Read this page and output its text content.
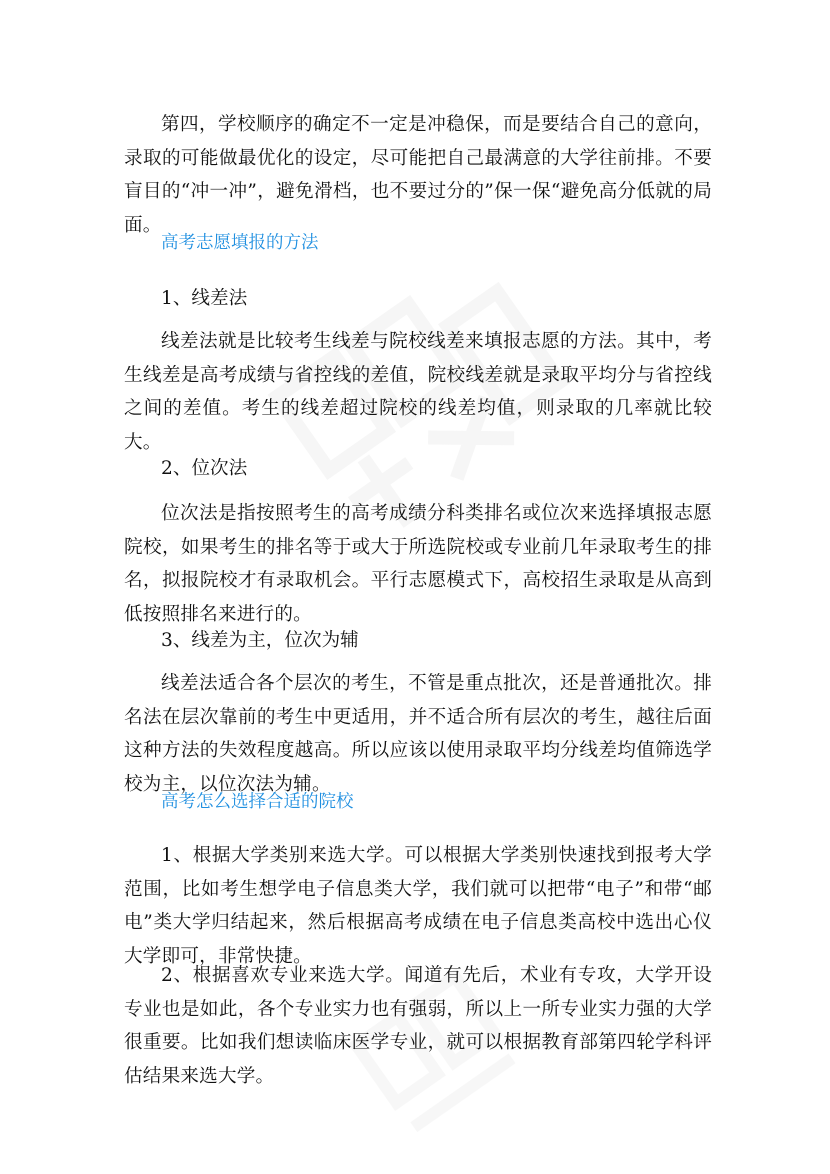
第四，学校顺序的确定不一定是冲稳保，而是要结合自己的意向，录取的可能做最优化的设定，尽可能把自己最满意的大学往前排。不要盲目的“冲一冲”，避免滑档，也不要过分的”保一保“避免高分低就的局面。

高考志愿填报的方法

1、线差法

线差法就是比较考生线差与院校线差来填报志愿的方法。其中，考生线差是高考成绩与省控线的差值，院校线差就是录取平均分与省控线之间的差值。考生的线差超过院校的线差均值，则录取的几率就比较大。

2、位次法

位次法是指按照考生的高考成绩分科类排名或位次来选择填报志愿院校，如果考生的排名等于或大于所选院校或专业前几年录取考生的排名，拟报院校才有录取机会。平行志愿模式下，高校招生录取是从高到低按照排名来进行的。

3、线差为主，位次为辅

线差法适合各个层次的考生，不管是重点批次，还是普通批次。排名法在层次靠前的考生中更适用，并不适合所有层次的考生，越往后面这种方法的失效程度越高。所以应该以使用录取平均分线差均值筛选学校为主，以位次法为辅。

高考怎么选择合适的院校

1、根据大学类别来选大学。可以根据大学类别快速找到报考大学范围，比如考生想学电子信息类大学，我们就可以把带“电子”和带“邮电”类大学归结起来，然后根据高考成绩在电子信息类高校中选出心仪大学即可，非常快捷。

2、根据喜欢专业来选大学。闻道有先后，术业有专攻，大学开设专业也是如此，各个专业实力也有强弱，所以上一所专业实力强的大学很重要。比如我们想读临床医学专业，就可以根据教育部第四轮学科评估结果来选大学。
